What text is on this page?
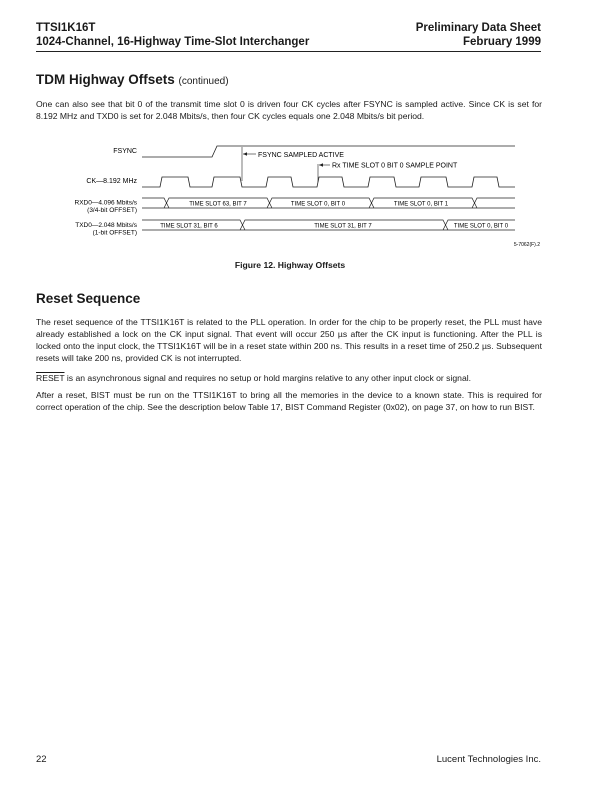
TTSI1K16T
1024-Channel, 16-Highway Time-Slot Interchanger
Preliminary Data Sheet
February 1999
TDM Highway Offsets (continued)
One can also see that bit 0 of the transmit time slot 0 is driven four CK cycles after FSYNC is sampled active. Since CK is set for 8.192 MHz and TXD0 is set for 2.048 Mbits/s, then four CK cycles equals one 2.048 Mbits/s bit period.
FSYNC
CK—8.192 MHz
RXD0—4.096 Mbits/s
(3/4-bit OFFSET)
TXD0—2.048 Mbits/s
(1-bit OFFSET)
FSYNC SAMPLED ACTIVE
Rx TIME SLOT 0 BIT 0 SAMPLE POINT
TIME SLOT 63, BIT 7	TIME SLOT 0, BIT 0	TIME SLOT 0, BIT 1
TIME SLOT 31, BIT 6	TIME SLOT 31, BIT 7	TIME SLOT 0, BIT 0
5-7062(F).2
Figure 12. Highway Offsets
Reset Sequence
The reset sequence of the TTSI1K16T is related to the PLL operation. In order for the chip to be properly reset, the PLL must have already established a lock on the CK input signal. That event will occur 250 µs after the CK input is functioning. After the PLL is locked onto the input clock, the TTSI1K16T will be in a reset state within 200 ns. This results in a reset time of 250.2 µs. Subsequent resets will take 200 ns, provided CK is not interrupted.
RESET is an asynchronous signal and requires no setup or hold margins relative to any other input clock or signal.
After a reset, BIST must be run on the TTSI1K16T to bring all the memories in the device to a known state. This is required for correct operation of the chip. See the description below Table 17, BIST Command Register (0x02), on page 37, on how to run BIST.
22	Lucent Technologies Inc.
